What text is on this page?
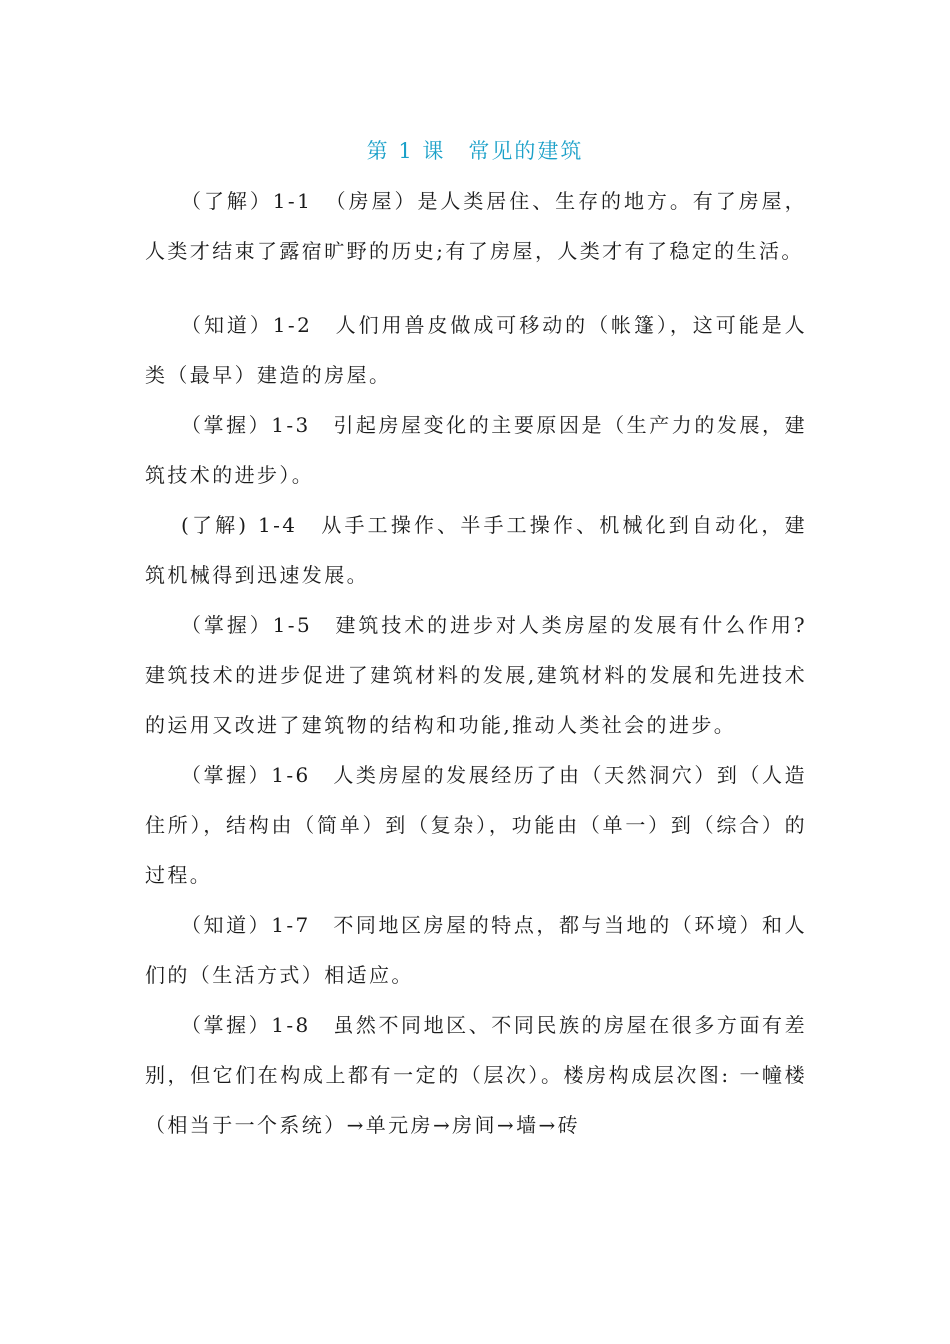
第 1 课　 常见的建筑

（了解）1-1　（房屋）是人类居住、生存的地方。有了房屋，人类才结束了露宿旷野的历史;有了房屋，人类才有了稳定的生活。

（知道）1-2　人们用兽皮做成可移动的（帐篷），这可能是人类（最早）建造的房屋。

（掌握）1-3　引起房屋变化的主要原因是（生产力的发展，建筑技术的进步）。

(了解) 1-4　从手工操作、半手工操作、机械化到自动化，建筑机械得到迅速发展。

（掌握）1-5　建筑技术的进步对人类房屋的发展有什么作用?建筑技术的进步促进了建筑材料的发展,建筑材料的发展和先进技术的运用又改进了建筑物的结构和功能,推动人类社会的进步。

（掌握）1-6　人类房屋的发展经历了由（天然洞穴）到（人造住所），结构由（简单）到（复杂），功能由（单一）到（综合）的过程。

（知道）1-7　不同地区房屋的特点，都与当地的（环境）和人们的（生活方式）相适应。

（掌握）1-8　虽然不同地区、不同民族的房屋在很多方面有差别，但它们在构成上都有一定的（层次）。楼房构成层次图: 一幢楼（相当于一个系统）→单元房→房间→墙→砖
